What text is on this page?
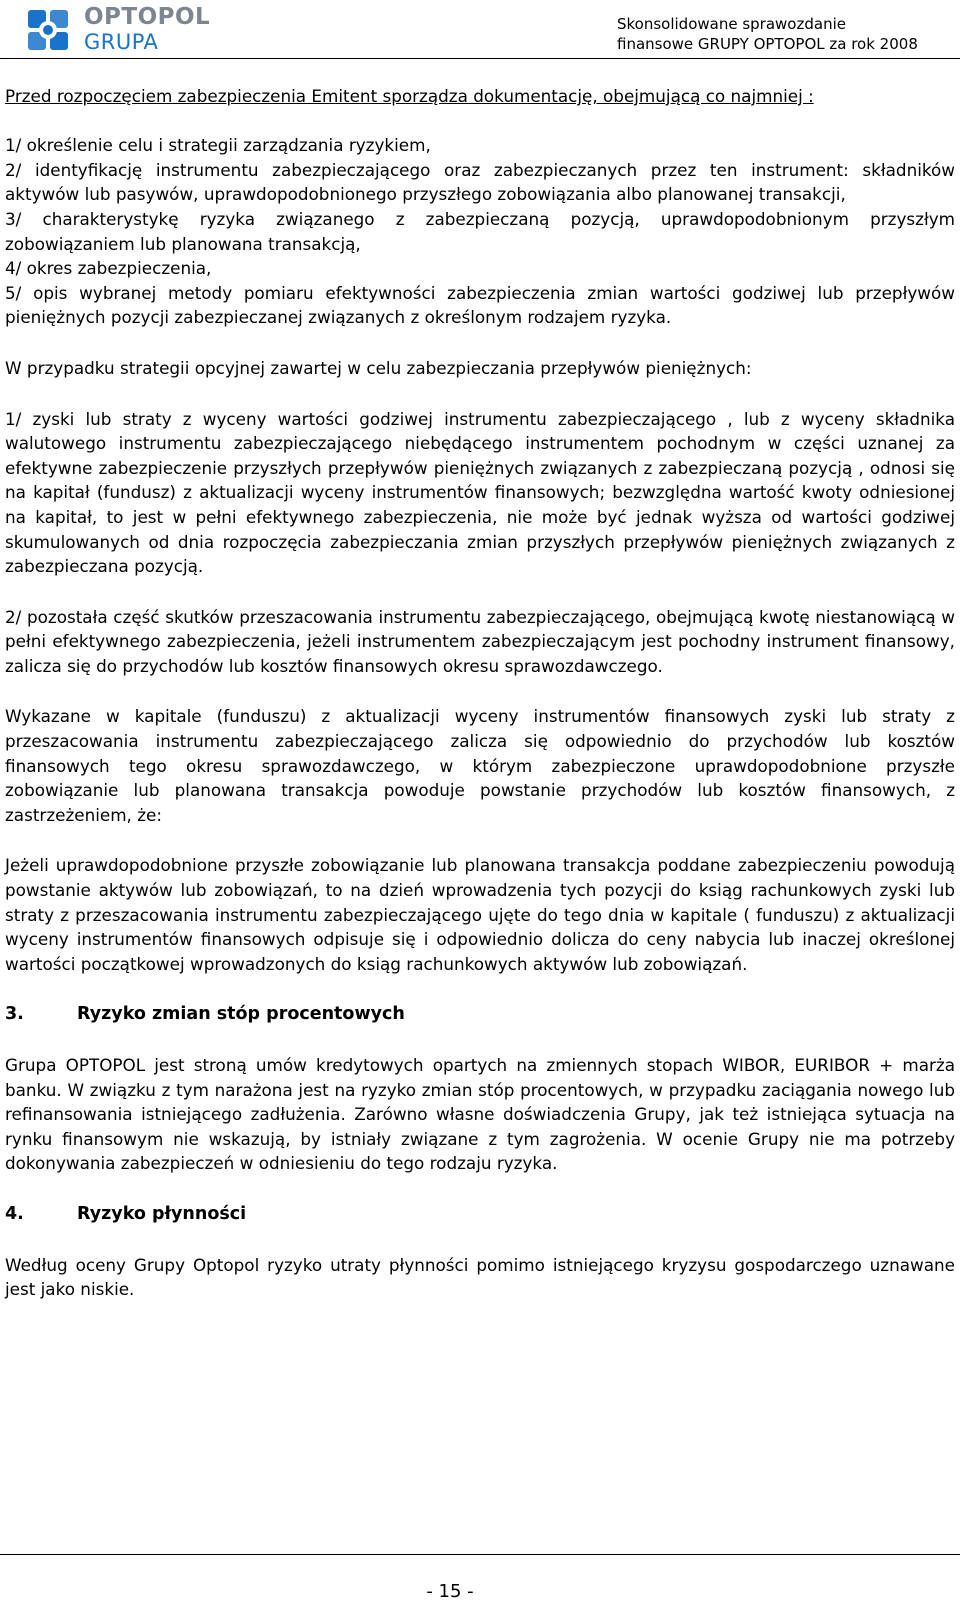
OPTOPOL
GRUPA
Skonsolidowane sprawozdanie
finansowe GRUPY OPTOPOL za rok 2008

Przed rozpoczęciem zabezpieczenia Emitent sporządza dokumentację, obejmującą co najmniej :

1/ określenie celu i strategii zarządzania ryzykiem,

2/ identyfikację instrumentu zabezpieczającego oraz zabezpieczanych przez ten instrument: składników aktywów lub pasywów, uprawdopodobnionego przyszłego zobowiązania albo planowanej transakcji,

3/ charakterystykę ryzyka związanego z zabezpieczaną pozycją, uprawdopodobnionym przyszłym zobowiązaniem lub planowana transakcją,

4/ okres zabezpieczenia,

5/ opis wybranej metody pomiaru efektywności zabezpieczenia zmian wartości godziwej lub przepływów pieniężnych pozycji zabezpieczanej związanych z określonym rodzajem ryzyka.

W przypadku strategii opcyjnej zawartej w celu zabezpieczania przepływów pieniężnych:

1/ zyski lub straty z wyceny wartości godziwej instrumentu zabezpieczającego , lub z wyceny składnika walutowego instrumentu zabezpieczającego niebędącego instrumentem pochodnym w części uznanej za efektywne zabezpieczenie przyszłych przepływów pieniężnych związanych z zabezpieczaną pozycją , odnosi się na kapitał (fundusz) z aktualizacji wyceny instrumentów finansowych; bezwzględna wartość kwoty odniesionej na kapitał, to jest w pełni efektywnego zabezpieczenia, nie może być jednak wyższa od wartości godziwej skumulowanych od dnia rozpoczęcia zabezpieczania zmian przyszłych przepływów pieniężnych związanych z zabezpieczana pozycją.

2/ pozostała część skutków przeszacowania instrumentu zabezpieczającego, obejmującą kwotę niestanowiącą w pełni efektywnego zabezpieczenia, jeżeli instrumentem zabezpieczającym jest pochodny instrument finansowy, zalicza się do przychodów lub kosztów finansowych okresu sprawozdawczego.

Wykazane w kapitale (funduszu) z aktualizacji wyceny instrumentów finansowych zyski lub straty z przeszacowania instrumentu zabezpieczającego zalicza się odpowiednio do przychodów lub kosztów finansowych tego okresu sprawozdawczego, w którym zabezpieczone uprawdopodobnione przyszłe zobowiązanie lub planowana transakcja powoduje powstanie przychodów lub kosztów finansowych, z zastrzeżeniem, że:

Jeżeli uprawdopodobnione przyszłe zobowiązanie lub planowana transakcja poddane zabezpieczeniu powodują powstanie aktywów lub zobowiązań, to na dzień wprowadzenia tych pozycji do ksiąg rachunkowych zyski lub straty z przeszacowania instrumentu zabezpieczającego ujęte do tego dnia w kapitale ( funduszu) z aktualizacji wyceny instrumentów finansowych odpisuje się i odpowiednio dolicza do ceny nabycia lub inaczej określonej wartości początkowej wprowadzonych do ksiąg rachunkowych aktywów lub zobowiązań.

3.	Ryzyko zmian stóp procentowych

Grupa OPTOPOL jest stroną umów kredytowych opartych na zmiennych stopach WIBOR, EURIBOR + marża banku. W związku z tym narażona jest na ryzyko zmian stóp procentowych, w przypadku zaciągania nowego lub refinansowania istniejącego zadłużenia. Zarówno własne doświadczenia Grupy, jak też istniejąca sytuacja na rynku finansowym nie wskazują, by istniały związane z tym zagrożenia. W ocenie Grupy nie ma potrzeby dokonywania zabezpieczeń w odniesieniu do tego rodzaju ryzyka.

4.	Ryzyko płynności

Według oceny Grupy Optopol ryzyko utraty płynności pomimo istniejącego kryzysu gospodarczego uznawane jest jako niskie.

- 15 -
